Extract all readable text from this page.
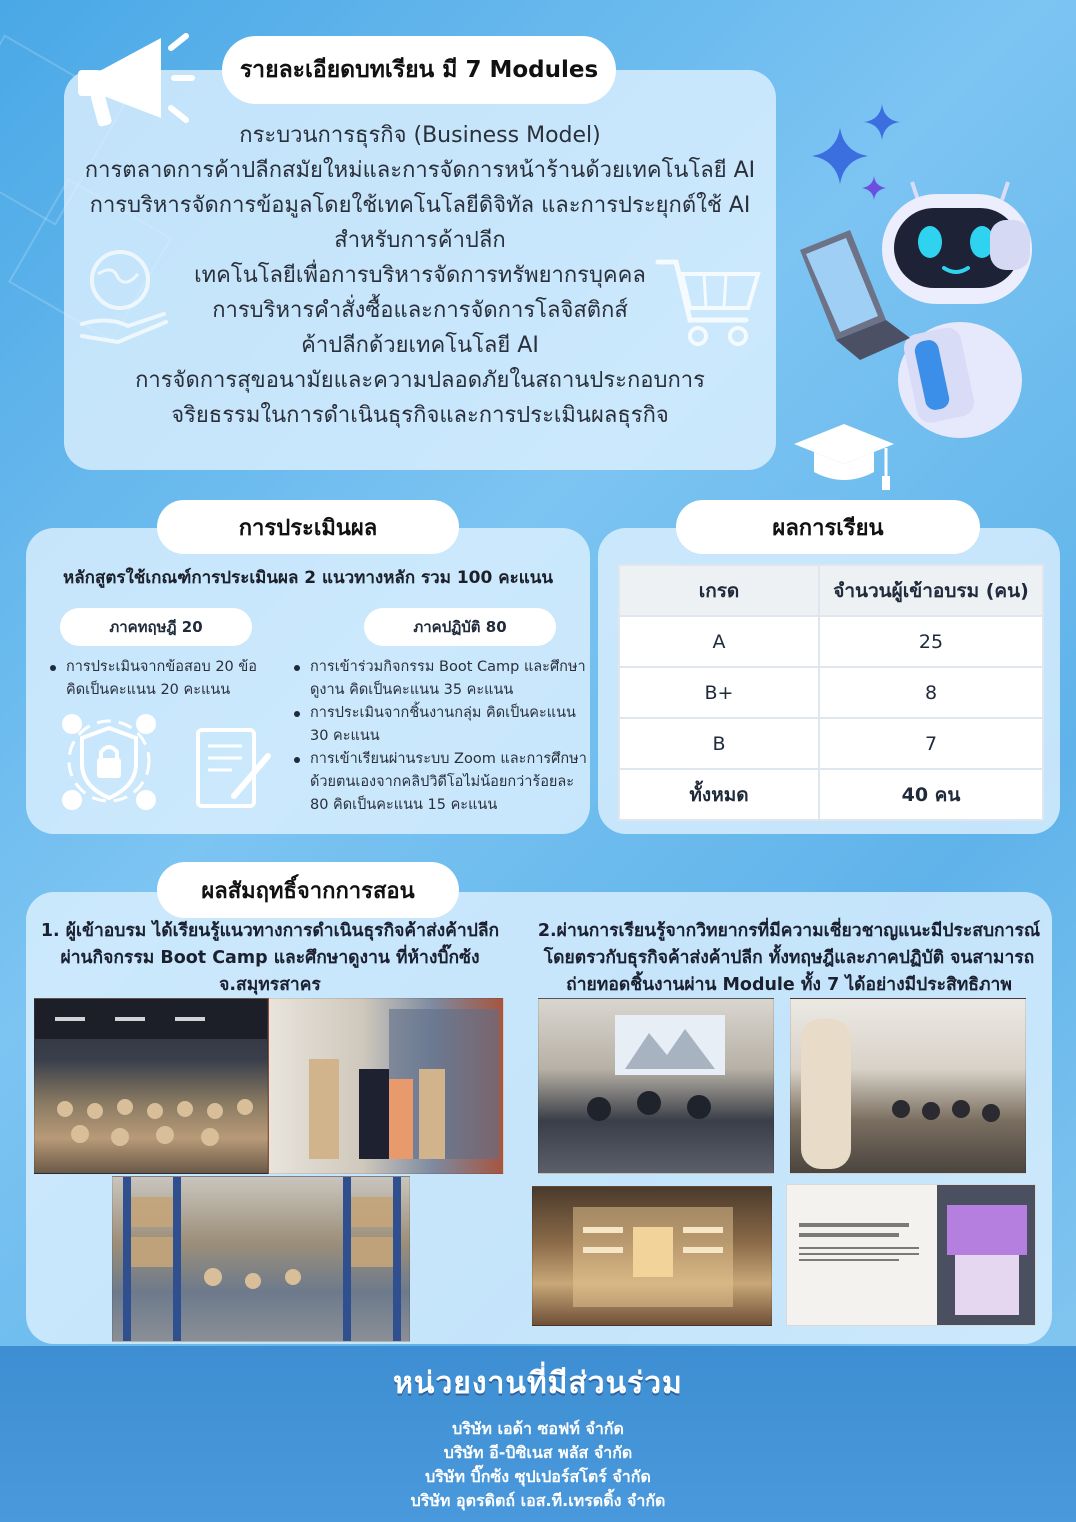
รายละเอียดบทเรียน มี 7 Modules
กระบวนการธุรกิจ (Business Model)
การตลาดการค้าปลีกสมัยใหม่และการจัดการหน้าร้านด้วยเทคโนโลยี AI
การบริหารจัดการข้อมูลโดยใช้เทคโนโลยีดิจิทัล และการประยุกต์ใช้ AI
สำหรับการค้าปลีก
เทคโนโลยีเพื่อการบริหารจัดการทรัพยากรบุคคล
การบริหารคำสั่งซื้อและการจัดการโลจิสติกส์
ค้าปลีกด้วยเทคโนโลยี AI
การจัดการสุขอนามัยและความปลอดภัยในสถานประกอบการ
จริยธรรมในการดำเนินธุรกิจและการประเมินผลธุรกิจ
การประเมินผล
หลักสูตรใช้เกณฑ์การประเมินผล 2 แนวทางหลัก รวม 100 คะแนน
ภาคทฤษฎี 20	ภาคปฏิบัติ 80
การประเมินจากข้อสอบ 20 ข้อ คิดเป็นคะแนน 20 คะแนน
การเข้าร่วมกิจกรรม Boot Camp และศึกษาดูงาน คิดเป็นคะแนน 35 คะแนน
การประเมินจากชิ้นงานกลุ่ม คิดเป็นคะแนน 30 คะแนน
การเข้าเรียนผ่านระบบ Zoom และการศึกษาด้วยตนเองจากคลิปวิดีโอไม่น้อยกว่าร้อยละ 80 คิดเป็นคะแนน 15 คะแนน
ผลการเรียน
เกรด	จำนวนผู้เข้าอบรม (คน)
A	25
B+	8
B	7
ทั้งหมด	40 คน
ผลสัมฤทธิ์จากการสอน
1. ผู้เข้าอบรม ได้เรียนรู้แนวทางการดำเนินธุรกิจค้าส่งค้าปลีก ผ่านกิจกรรม Boot Camp และศึกษาดูงาน ที่ห้างบิ๊กซ้ง จ.สมุทรสาคร
2.ผ่านการเรียนรู้จากวิทยากรที่มีความเชี่ยวชาญแนะมีประสบการณ์ โดยตรวกับธุรกิจค้าส่งค้าปลีก ทั้งทฤษฎีและภาคปฏิบัติ จนสามารถ ถ่ายทอดชิ้นงานผ่าน Module ทั้ง 7 ได้อย่างมีประสิทธิภาพ
หน่วยงานที่มีส่วนร่วม
บริษัท เอด้า ซอฟท์ จำกัด
บริษัท อี-บิซิเนส พลัส จำกัด
บริษัท บิ๊กซ้ง ซุปเปอร์สโตร์ จำกัด
บริษัท อุตรดิตถ์ เอส.ที.เทรดดิ้ง จำกัด
